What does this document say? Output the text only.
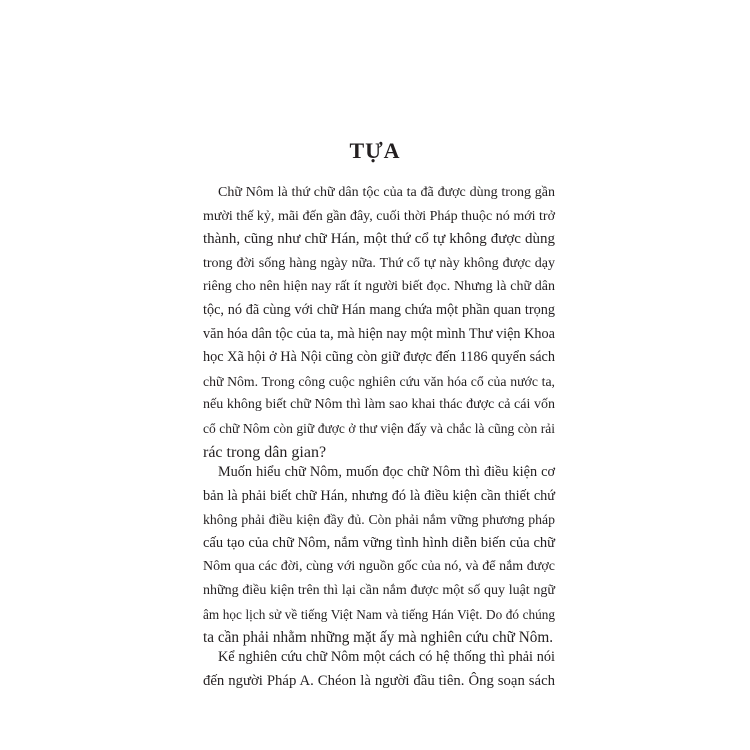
TỰA
Chữ Nôm là thứ chữ dân tộc của ta đã được dùng trong gần
mười thế kỷ, mãi đến gần đây, cuối thời Pháp thuộc nó mới trở
thành, cũng như chữ Hán, một thứ cổ tự không được dùng
trong đời sống hàng ngày nữa. Thứ cổ tự này không được dạy
riêng cho nên hiện nay rất ít người biết đọc. Nhưng là chữ dân
tộc, nó đã cùng với chữ Hán mang chứa một phần quan trọng
văn hóa dân tộc của ta, mà hiện nay một mình Thư viện Khoa
học Xã hội ở Hà Nội cũng còn giữ được đến 1186 quyển sách
chữ Nôm. Trong công cuộc nghiên cứu văn hóa cổ của nước ta,
nếu không biết chữ Nôm thì làm sao khai thác được cả cái vốn
cổ chữ Nôm còn giữ được ở thư viện đấy và chắc là cũng còn rải
rác trong dân gian?
Muốn hiểu chữ Nôm, muốn đọc chữ Nôm thì điều kiện cơ
bản là phải biết chữ Hán, nhưng đó là điều kiện cần thiết chứ
không phải điều kiện đầy đủ. Còn phải nắm vững phương pháp
cấu tạo của chữ Nôm, nắm vững tình hình diễn biến của chữ
Nôm qua các đời, cùng với nguồn gốc của nó, và để nắm được
những điều kiện trên thì lại cần nắm được một số quy luật ngữ
âm học lịch sử về tiếng Việt Nam và tiếng Hán Việt. Do đó chúng
ta cần phải nhằm những mặt ấy mà nghiên cứu chữ Nôm.
Kể nghiên cứu chữ Nôm một cách có hệ thống thì phải nói
đến người Pháp A. Chéon là người đầu tiên. Ông soạn sách
